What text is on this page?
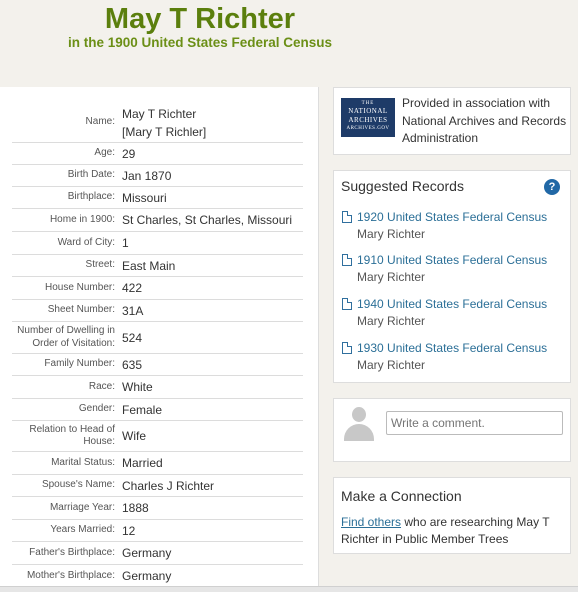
May T Richter
in the 1900 United States Federal Census
Name:
May T Richter
[Mary T Richler]
Age: 29
Birth Date: Jan 1870
Birthplace: Missouri
Home in 1900: St Charles, St Charles, Missouri
Ward of City: 1
Street: East Main
House Number: 422
Sheet Number: 31A
Number of Dwelling in Order of Visitation: 524
Family Number: 635
Race: White
Gender: Female
Relation to Head of House: Wife
Marital Status: Married
Spouse's Name: Charles J Richter
Marriage Year: 1888
Years Married: 12
Father's Birthplace: Germany
Mother's Birthplace: Germany
THE
NATIONAL
ARCHIVES
ARCHIVES.GOV
Provided in association with National Archives and Records Administration
Suggested Records	?
1920 United States Federal Census
Mary Richter
1910 United States Federal Census
Mary Richter
1940 United States Federal Census
Mary Richter
1930 United States Federal Census
Mary Richter
Write a comment.
Make a Connection
Find others who are researching May T Richter in Public Member Trees
